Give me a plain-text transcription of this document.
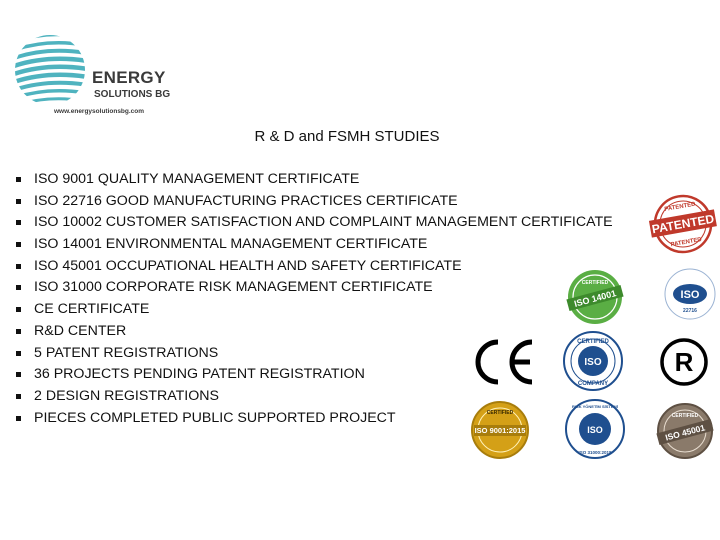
ENERGY
SOLUTIONS BG
www.energysolutionsbg.com
R & D and FSMH STUDIES
ISO 9001 QUALITY MANAGEMENT CERTIFICATE
ISO 22716 GOOD MANUFACTURING PRACTICES CERTIFICATE
ISO 10002 CUSTOMER SATISFACTION AND COMPLAINT MANAGEMENT CERTIFICATE
ISO 14001 ENVIRONMENTAL MANAGEMENT CERTIFICATE
ISO 45001 OCCUPATIONAL HEALTH AND SAFETY CERTIFICATE
ISO 31000 CORPORATE RISK MANAGEMENT CERTIFICATE
CE CERTIFICATE
R&D CENTER
5 PATENT REGISTRATIONS
36 PROJECTS PENDING PATENT REGISTRATION
2 DESIGN REGISTRATIONS
PIECES COMPLETED PUBLIC SUPPORTED PROJECT
PATENTED
PATENTED
PATENTED
CERTIFIED
ISO 14001	ISO
22716
CERTIFIED
ISO
COMPANY
R
CERTIFIED
ISO 9001:2015	ISO
RISK YÖNETİM SİSTEMİ
ISO 31000:2018
CERTIFIED
ISO 45001
